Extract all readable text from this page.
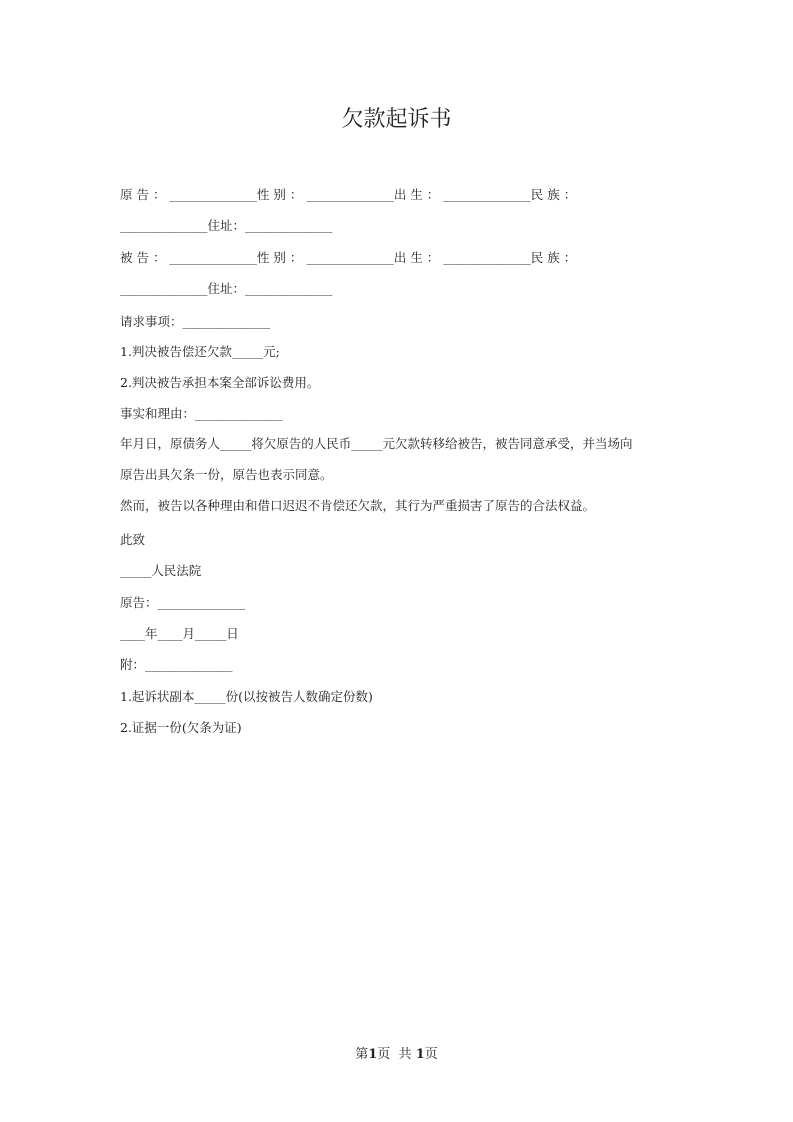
欠款起诉书
原 告 ： ______________性 别 ： ______________出 生 ： ______________民 族 ：
______________住址：______________
被 告 ： ______________性 别 ： ______________出 生 ： ______________民 族 ：
______________住址：______________
请求事项：______________
1.判决被告偿还欠款_____元;
2.判决被告承担本案全部诉讼费用。
事实和理由：______________
年月日，原债务人_____将欠原告的人民币_____元欠款转移给被告，被告同意承受，并当场向
原告出具欠条一份，原告也表示同意。
然而，被告以各种理由和借口迟迟不肯偿还欠款，其行为严重损害了原告的合法权益。
此致
_____人民法院
原告：______________
____年____月_____日
附：______________
1.起诉状副本_____份(以按被告人数确定份数)
2.证据一份(欠条为证)
第1页  共 1页
